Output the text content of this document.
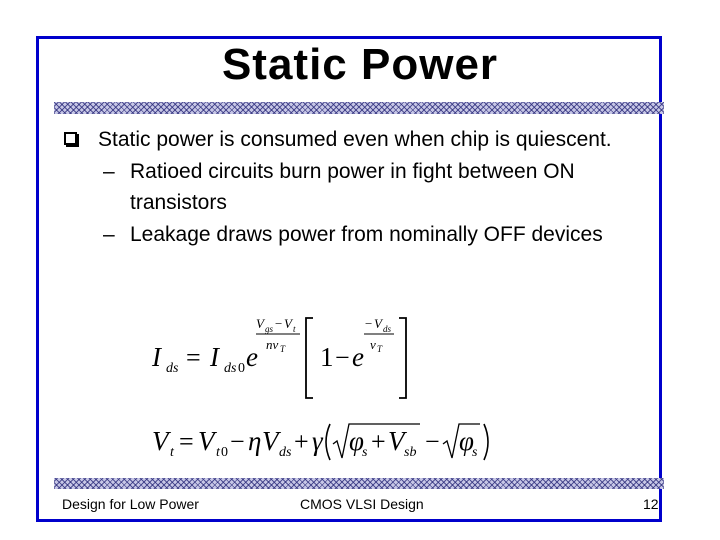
Static Power
Static power is consumed even when chip is quiescent.
– Ratioed circuits burn power in fight between ON transistors
– Leakage draws power from nominally OFF devices
I ds = I ds 0 e
V gs − V t
nv T 1 − e
− V ds
v T
V t = V t 0 − η V ds + γ φ
s + V sb − φ
s
Design for Low Power	CMOS VLSI Design	12
